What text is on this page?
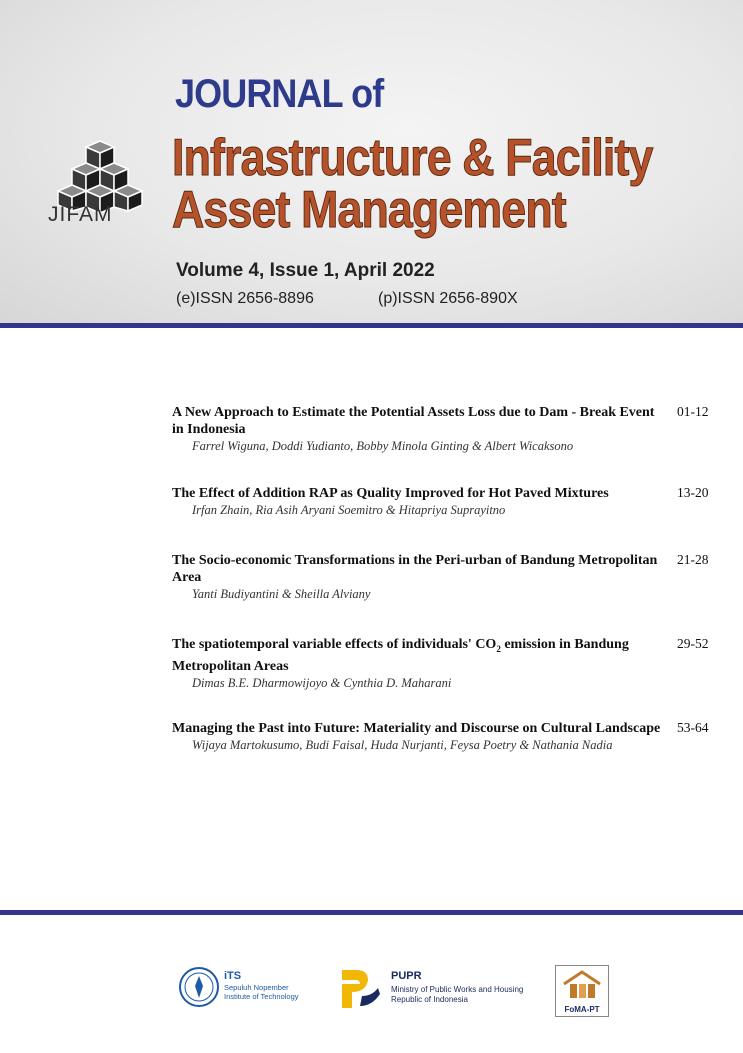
JIFAM
JOURNAL of
Infrastructure & Facility
Asset Management
Volume 4, Issue 1, April 2022
(e)ISSN 2656-8896	(p)ISSN 2656-890X
A New Approach to Estimate the Potential Assets Loss due to Dam - Break Event in Indonesia
Farrel Wiguna, Doddi Yudianto, Bobby Minola Ginting & Albert Wicaksono
01-12
The Effect of Addition RAP as Quality Improved for Hot Paved Mixtures
Irfan Zhain, Ria Asih Aryani Soemitro & Hitapriya Suprayitno
13-20
The Socio-economic Transformations in the Peri-urban of Bandung Metropolitan Area
Yanti Budiyantini & Sheilla Alviany
21-28
The spatiotemporal variable effects of individuals' $CO_2$ emission in Bandung Metropolitan Areas
Dimas B.E. Dharmowijoyo & Cynthia D. Maharani
29-52
Managing the Past into Future: Materiality and Discourse on Cultural Landscape
Wijaya Martokusumo, Budi Faisal, Huda Nurjanti, Feysa Poetry & Nathania Nadia
53-64
iTS
Sepuluh Nopember Institute of Technology
PUPR
Ministry of Public Works and Housing Republic of Indonesia
FoMA-PT
